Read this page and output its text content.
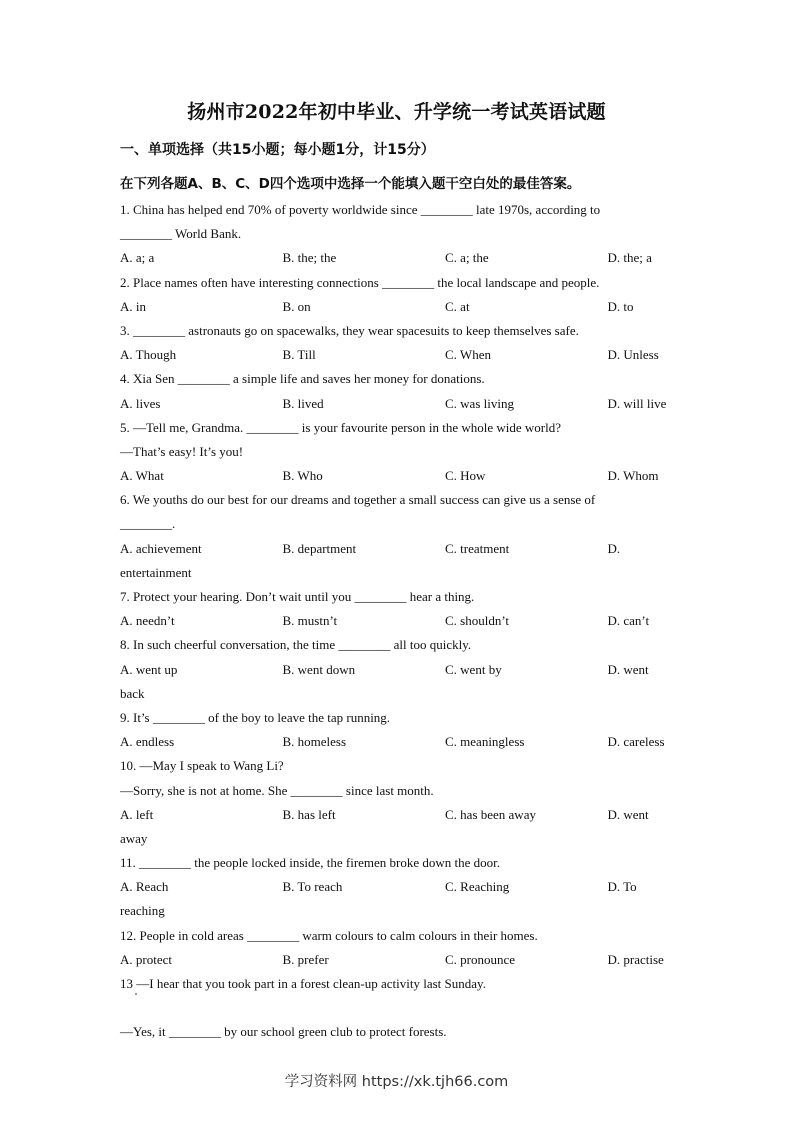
扬州市2022年初中毕业、升学统一考试英语试题
一、单项选择（共15小题；每小题1分，计15分）
在下列各题A、B、C、D四个选项中选择一个能填入题干空白处的最佳答案。
1. China has helped end 70% of poverty worldwide since ________ late 1970s, according to
________ World Bank.
A. a; a	B. the; the	C. a; the	D. the; a
2. Place names often have interesting connections ________ the local landscape and people.
A. in	B. on	C. at	D. to
3. ________ astronauts go on spacewalks, they wear spacesuits to keep themselves safe.
A. Though	B. Till	C. When	D. Unless
4. Xia Sen ________ a simple life and saves her money for donations.
A. lives	B. lived	C. was living	D. will live
5. —Tell me, Grandma. ________ is your favourite person in the whole wide world?
—That’s easy! It’s you!
A. What	B. Who	C. How	D. Whom
6. We youths do our best for our dreams and together a small success can give us a sense of
________.
A. achievement	B. department	C. treatment	D.
entertainment
7. Protect your hearing. Don’t wait until you ________ hear a thing.
A. needn’t	B. mustn’t	C. shouldn’t	D. can’t
8. In such cheerful conversation, the time ________ all too quickly.
A. went up	B. went down	C. went by	D. went
back
9. It’s ________ of the boy to leave the tap running.
A. endless	B. homeless	C. meaningless	D. careless
10. —May I speak to Wang Li?
—Sorry, she is not at home. She ________ since last month.
A. left	B. has left	C. has been away	D. went
away
11. ________ the people locked inside, the firemen broke down the door.
A. Reach	B. To reach	C. Reaching	D. To
reaching
12. People in cold areas ________ warm colours to calm colours in their homes.
A. protect	B. prefer	C. pronounce	D. practise
13 —I hear that you took part in a forest clean-up activity last Sunday.
—Yes, it ________ by our school green club to protect forests.
学习资料网 https://xk.tjh66.com
